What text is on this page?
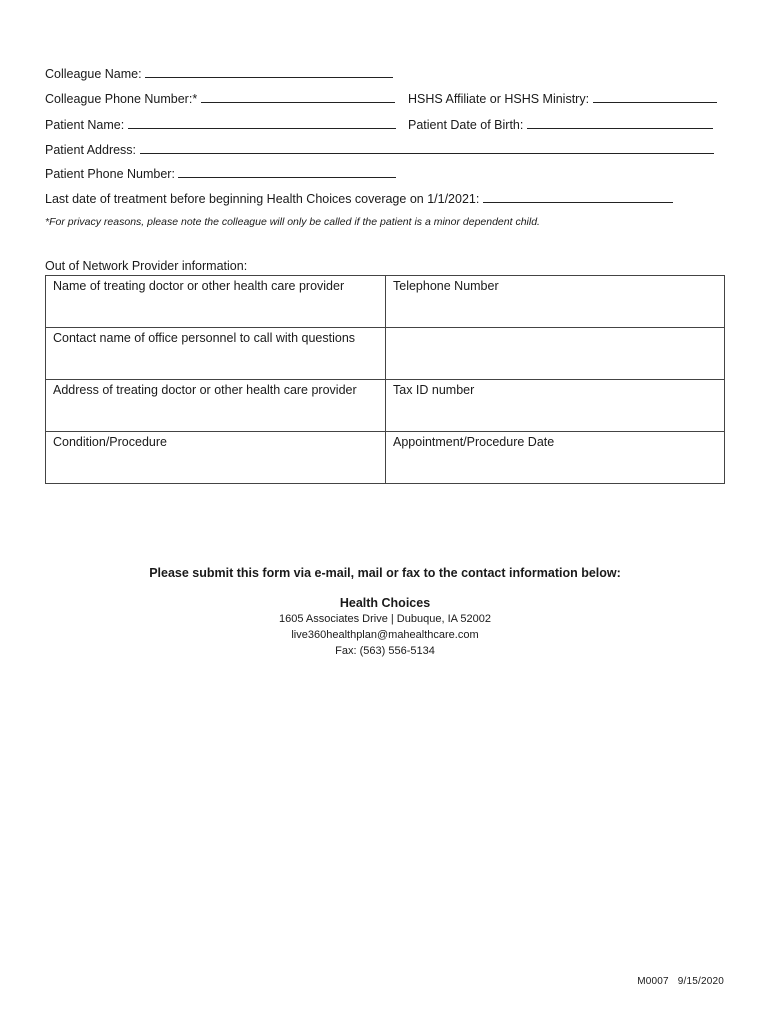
Colleague Name:
Colleague Phone Number:*	HSHS Affiliate or HSHS Ministry:
Patient Name:	Patient Date of Birth:
Patient Address:
Patient Phone Number:
Last date of treatment before beginning Health Choices coverage on 1/1/2021:
*For privacy reasons, please note the colleague will only be called if the patient is a minor dependent child.
Out of Network Provider information:
Name of treating doctor or other health care provider	Telephone Number
Contact name of office personnel to call with questions	
Address of treating doctor or other health care provider	Tax ID number
Condition/Procedure	Appointment/Procedure Date
Please submit this form via e-mail, mail or fax to the contact information below:
Health Choices
1605 Associates Drive | Dubuque, IA 52002
live360healthplan@mahealthcare.com
Fax: (563) 556-5134
M0007   9/15/2020
